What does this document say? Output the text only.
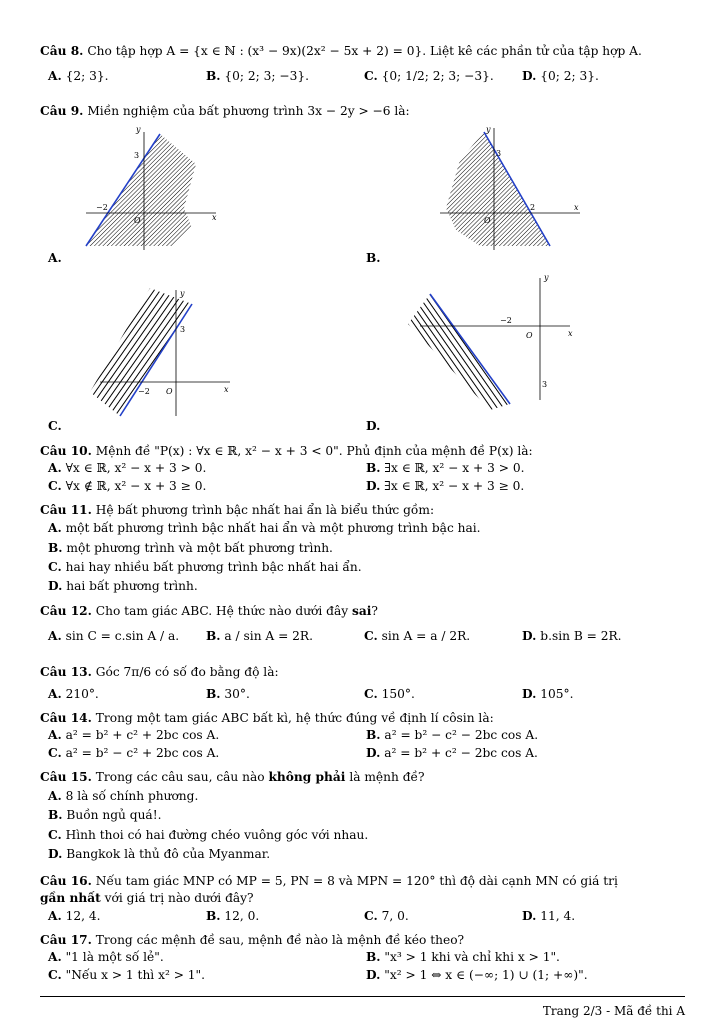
Câu 8. Cho tập hợp A = {x ∈ ℕ : (x³ − 9x)(2x² − 5x + 2) = 0}. Liệt kê các phần tử của tập hợp A.
A. {2; 3}.	B. {0; 2; 3; −3}.	C. {0; 1/2; 2; 3; −3}. D. {0; 2; 3}.
Câu 9. Miền nghiệm của bất phương trình 3x − 2y > −6 là:
y
x
3
−2
O
A.
y
x
3
2
O
B.
y
x
3
−2 O
C.
y
x
3
−2
O
D.
Câu 10. Mệnh đề "P(x) : ∀x ∈ ℝ, x² − x + 3 < 0". Phủ định của mệnh đề P(x) là:
A. ∀x ∈ ℝ, x² − x + 3 > 0.	B. ∃x ∈ ℝ, x² − x + 3 > 0.
C. ∀x ∉ ℝ, x² − x + 3 ≥ 0.	D. ∃x ∈ ℝ, x² − x + 3 ≥ 0.
Câu 11. Hệ bất phương trình bậc nhất hai ẩn là biểu thức gồm:
A. một bất phương trình bậc nhất hai ẩn và một phương trình bậc hai.
B. một phương trình và một bất phương trình.
C. hai hay nhiều bất phương trình bậc nhất hai ẩn.
D. hai bất phương trình.
Câu 12. Cho tam giác ABC. Hệ thức nào dưới đây sai?
A. sin C = c.sin A / a. B. a / sin A = 2R.	C. sin A = a / 2R.	D. b.sin B = 2R.
Câu 13. Góc 7π/6 có số đo bằng độ là:
A. 210°.	B. 30°.	C. 150°.	D. 105°.
Câu 14. Trong một tam giác ABC bất kì, hệ thức đúng về định lí côsin là:
A. a² = b² + c² + 2bc cos A.	B. a² = b² − c² − 2bc cos A.
C. a² = b² − c² + 2bc cos A.	D. a² = b² + c² − 2bc cos A.
Câu 15. Trong các câu sau, câu nào không phải là mệnh đề?
A. 8 là số chính phương.
B. Buồn ngủ quá!.
C. Hình thoi có hai đường chéo vuông góc với nhau.
D. Bangkok là thủ đô của Myanmar.
Câu 16. Nếu tam giác MNP có MP = 5, PN = 8 và MPN = 120° thì độ dài cạnh MN có giá trị
gần nhất với giá trị nào dưới đây?
A. 12, 4.	B. 12, 0.	C. 7, 0.	D. 11, 4.
Câu 17. Trong các mệnh đề sau, mệnh đề nào là mệnh đề kéo theo?
A. "1 là một số lẻ".	B. "x³ > 1 khi và chỉ khi x > 1".
C. "Nếu x > 1 thì x² > 1".	D. "x² > 1 ⇔ x ∈ (−∞; 1) ∪ (1; +∞)".
Trang 2/3 - Mã đề thi A
